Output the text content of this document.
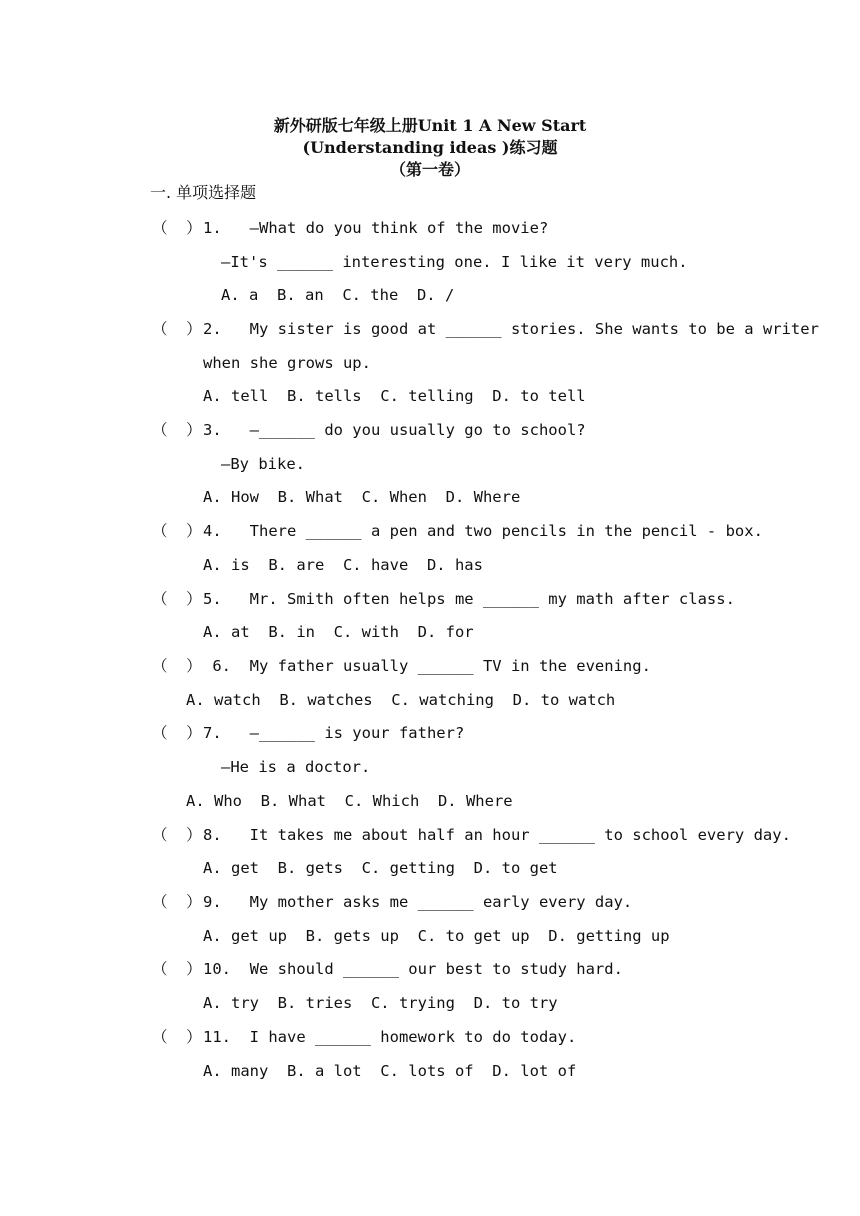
新外研版七年级上册Unit 1 A New Start
(Understanding ideas )练习题
（第一卷）
一. 单项选择题
（  ） 1.   —What do you think of the movie?
—It's ______ interesting one. I like it very much.
A. a  B. an  C. the  D. /
（  ） 2.   My sister is good at ______ stories. She wants to be a writer
when she grows up.
A. tell  B. tells  C. telling  D. to tell
（  ） 3.   —______ do you usually go to school?
—By bike.
A. How  B. What  C. When  D. Where
（  ） 4.   There ______ a pen and two pencils in the pencil - box.
A. is  B. are  C. have  D. has
（  ） 5.   Mr. Smith often helps me ______ my math after class.
A. at  B. in  C. with  D. for
（  ） 6.  My father usually ______ TV in the evening.
A. watch  B. watches  C. watching  D. to watch
（  ） 7.   —______ is your father?
—He is a doctor.
A. Who  B. What  C. Which  D. Where
（  ） 8.   It takes me about half an hour ______ to school every day.
A. get  B. gets  C. getting  D. to get
（  ） 9.   My mother asks me ______ early every day.
A. get up  B. gets up  C. to get up  D. getting up
（  ） 10.  We should ______ our best to study hard.
A. try  B. tries  C. trying  D. to try
（  ） 11.  I have ______ homework to do today.
A. many  B. a lot  C. lots of  D. lot of
